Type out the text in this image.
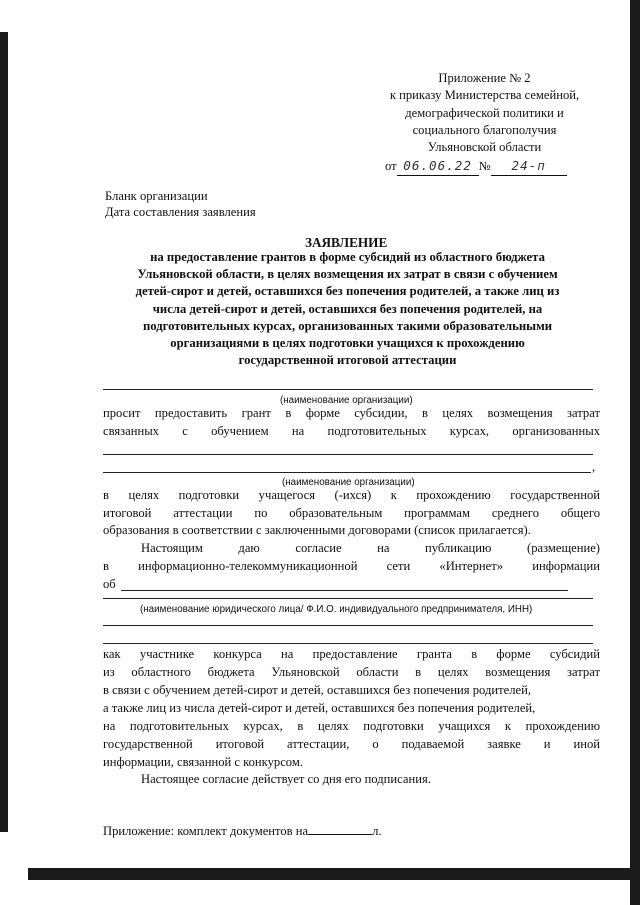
Приложение № 2
к приказу Министерства семейной,
демографической политики и
социального благополучия
Ульяновской области
от 06.06.22 № 24-п
Бланк организации
Дата составления заявления
ЗАЯВЛЕНИЕ
на предоставление грантов в форме субсидий из областного бюджета
Ульяновской области, в целях возмещения их затрат в связи с обучением
детей-сирот и детей, оставшихся без попечения родителей, а также лиц из
числа детей-сирот и детей, оставшихся без попечения родителей, на
подготовительных курсах, организованных такими образовательными
организациями в целях подготовки учащихся к прохождению
государственной итоговой аттестации
(наименование организации)
просит предоставить грант в форме субсидии, в целях возмещения затрат
связанных с обучением на подготовительных курсах, организованных
,
(наименование организации)
в целях подготовки учащегося (-ихся) к прохождению государственной
итоговой аттестации по образовательным программам среднего общего
образования в соответствии с заключенными договорами (список прилагается).
Настоящим даю согласие на публикацию (размещение)
в информационно-телекоммуникационной сети «Интернет» информации
об
(наименование юридического лица/ Ф.И.О. индивидуального предпринимателя, ИНН)
как участнике конкурса на предоставление гранта в форме субсидий
из областного бюджета Ульяновской области в целях возмещения затрат
в связи с обучением детей-сирот и детей, оставшихся без попечения родителей,
а также лиц из числа детей-сирот и детей, оставшихся без попечения родителей,
на подготовительных курсах, в целях подготовки учащихся к прохождению
государственной итоговой аттестации, о подаваемой заявке и иной
информации, связанной с конкурсом.
Настоящее согласие действует со дня его подписания.
Приложение: комплект документов на	л.
